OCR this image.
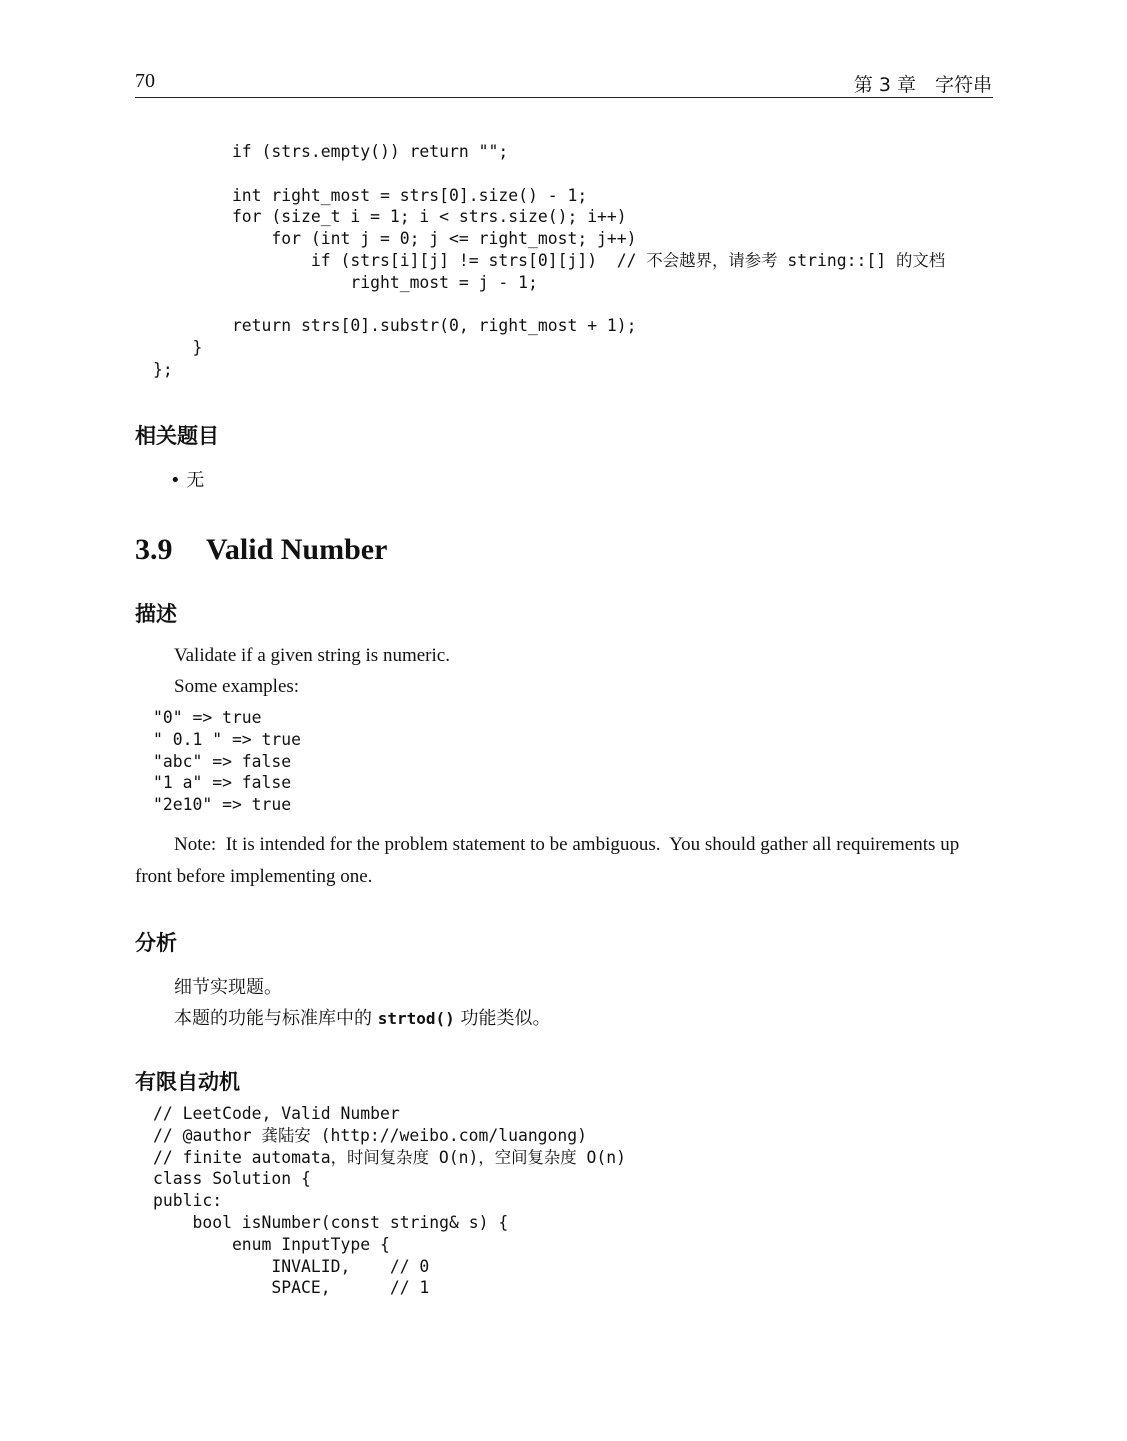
70	第 3 章　字符串
if (strs.empty()) return "";
int right_most = strs[0].size() - 1;
for (size_t i = 1; i < strs.size(); i++)
for (int j = 0; j <= right_most; j++)
if (strs[i][j] != strs[0][j])  // 不会越界，请参考 string::[] 的文档
right_most = j - 1;
return strs[0].substr(0, right_most + 1);
}
};
相关题目
• 无
3.9 Valid Number
描述
Validate if a given string is numeric.
Some examples:
"0" => true
" 0.1 " => true
"abc" => false
"1 a" => false
"2e10" => true
Note:  It is intended for the problem statement to be ambiguous.  You should gather all requirements up
front before implementing one.
分析
细节实现题。
本题的功能与标准库中的 strtod() 功能类似。
有限自动机
// LeetCode, Valid Number
// @author 龚陆安 (http://weibo.com/luangong)
// finite automata，时间复杂度 O(n)，空间复杂度 O(n)
class Solution {
public:
bool isNumber(const string& s) {
enum InputType {
INVALID,    // 0
SPACE,      // 1
